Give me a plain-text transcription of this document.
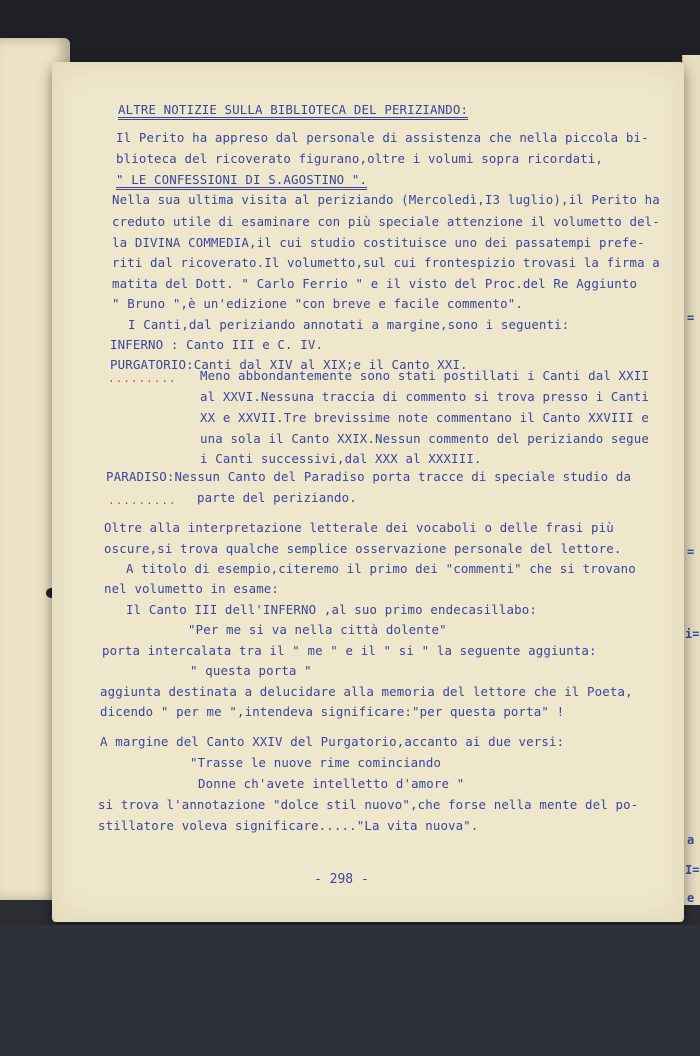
=
=
i=
a
I=
e

ALTRE NOTIZIE SULLA BIBLIOTECA DEL PERIZIANDO:

Il Perito ha appreso dal personale di assistenza che nella piccola bi-

blioteca del ricoverato figurano,oltre i volumi sopra ricordati,

" LE CONFESSIONI DI S.AGOSTINO ".

Nella sua ultima visita al periziando (Mercoledì,I3 luglio),il Perito ha

creduto utile di esaminare con più speciale attenzione il volumetto del-

la DIVINA COMMEDIA,il cui studio costituisce uno dei passatempi prefe-

riti dal ricoverato.Il volumetto,sul cui frontespizio trovasi la firma a

matita del Dott. " Carlo Ferrio " e il visto del Proc.del Re Aggiunto

" Bruno ",è un'edizione "con breve e facile commento".

I Canti,dal periziando annotati a margine,sono i seguenti:

INFERNO : Canto III e C. IV.

PURGATORIO:Canti dal XIV al XIX;e il Canto XXI.

......... Meno abbondantemente sono stati postillati i Canti dal XXII

al XXVI.Nessuna traccia di commento si trova presso i Canti

XX e XXVII.Tre brevissime note commentano il Canto XXVIII e

una sola il Canto XXIX.Nessun commento del periziando segue

i Canti successivi,dal XXX al XXXIII.

PARADISO:Nessun Canto del Paradiso porta tracce di speciale studio da

......... parte del periziando.

Oltre alla interpretazione letterale dei vocaboli o delle frasi più

oscure,si trova qualche semplice osservazione personale del lettore.

A titolo di esempio,citeremo il primo dei "commenti" che si trovano

nel volumetto in esame:

Il Canto III dell'INFERNO ,al suo primo endecasillabo:

"Per me si va nella città dolente"

porta intercalata tra il " me " e il " si " la seguente aggiunta:

" questa porta "

aggiunta destinata a delucidare alla memoria del lettore che il Poeta,

dicendo " per me ",intendeva significare:"per questa porta" !

A margine del Canto XXIV del Purgatorio,accanto ai due versi:

"Trasse le nuove rime cominciando

Donne ch'avete intelletto d'amore "

si trova l'annotazione "dolce stil nuovo",che forse nella mente del po-

stillatore voleva significare....."La vita nuova".

- 298 -
